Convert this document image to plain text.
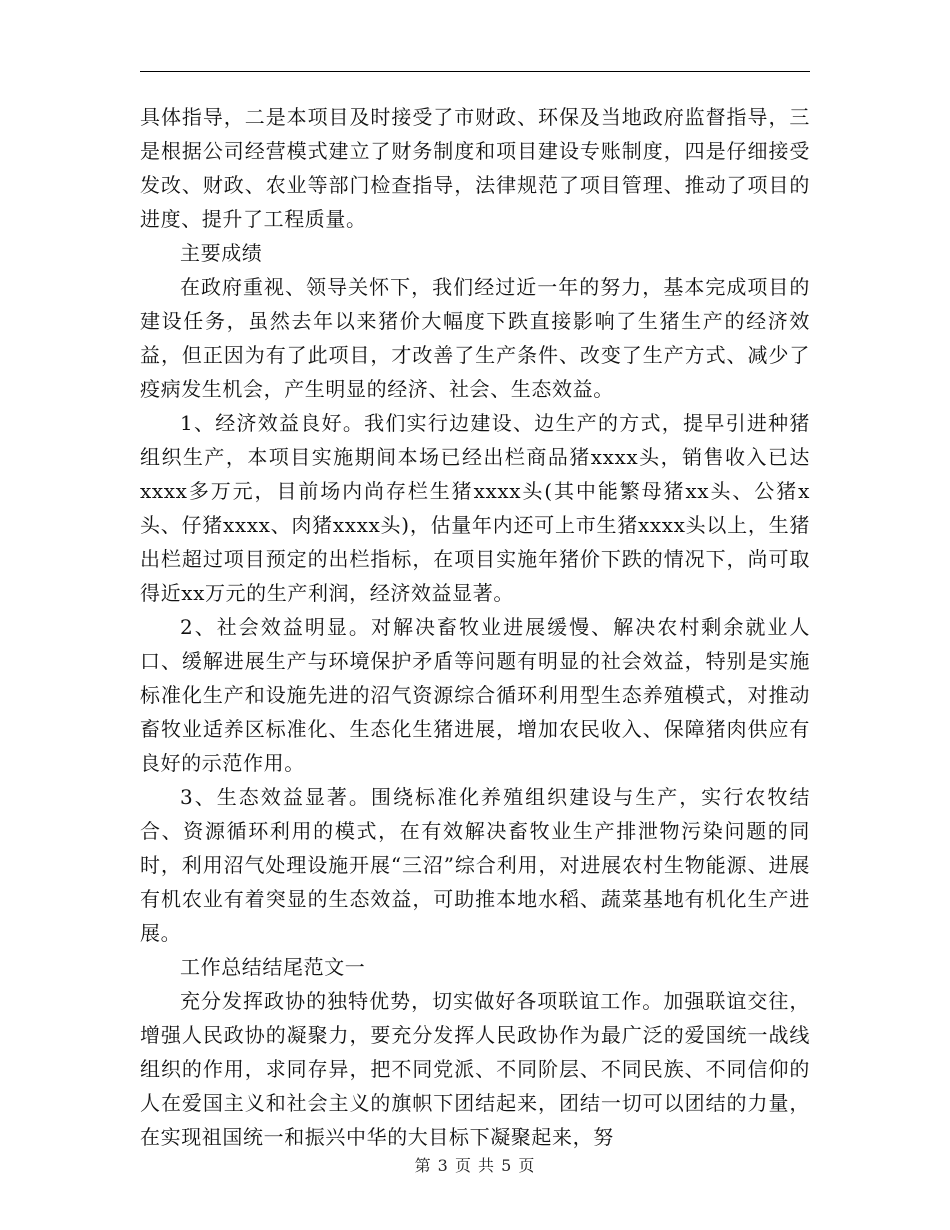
具体指导，二是本项目及时接受了市财政、环保及当地政府监督指导，三是根据公司经营模式建立了财务制度和项目建设专账制度，四是仔细接受发改、财政、农业等部门检查指导，法律规范了项目管理、推动了项目的进度、提升了工程质量。

主要成绩

在政府重视、领导关怀下，我们经过近一年的努力，基本完成项目的建设任务，虽然去年以来猪价大幅度下跌直接影响了生猪生产的经济效益，但正因为有了此项目，才改善了生产条件、改变了生产方式、减少了疫病发生机会，产生明显的经济、社会、生态效益。

1、经济效益良好。我们实行边建设、边生产的方式，提早引进种猪组织生产，本项目实施期间本场已经出栏商品猪xxxx头，销售收入已达xxxx多万元，目前场内尚存栏生猪xxxx头(其中能繁母猪xx头、公猪x头、仔猪xxxx、肉猪xxxx头)，估量年内还可上市生猪xxxx头以上，生猪出栏超过项目预定的出栏指标，在项目实施年猪价下跌的情况下，尚可取得近xx万元的生产利润，经济效益显著。

2、社会效益明显。对解决畜牧业进展缓慢、解决农村剩余就业人口、缓解进展生产与环境保护矛盾等问题有明显的社会效益，特别是实施标准化生产和设施先进的沼气资源综合循环利用型生态养殖模式，对推动畜牧业适养区标准化、生态化生猪进展，增加农民收入、保障猪肉供应有良好的示范作用。

3、生态效益显著。围绕标准化养殖组织建设与生产，实行农牧结合、资源循环利用的模式，在有效解决畜牧业生产排泄物污染问题的同时，利用沼气处理设施开展“三沼”综合利用，对进展农村生物能源、进展有机农业有着突显的生态效益，可助推本地水稻、蔬菜基地有机化生产进展。

工作总结结尾范文一

充分发挥政协的独特优势，切实做好各项联谊工作。加强联谊交往，增强人民政协的凝聚力，要充分发挥人民政协作为最广泛的爱国统一战线组织的作用，求同存异，把不同党派、不同阶层、不同民族、不同信仰的人在爱国主义和社会主义的旗帜下团结起来，团结一切可以团结的力量，在实现祖国统一和振兴中华的大目标下凝聚起来，努

第 3 页 共 5 页
